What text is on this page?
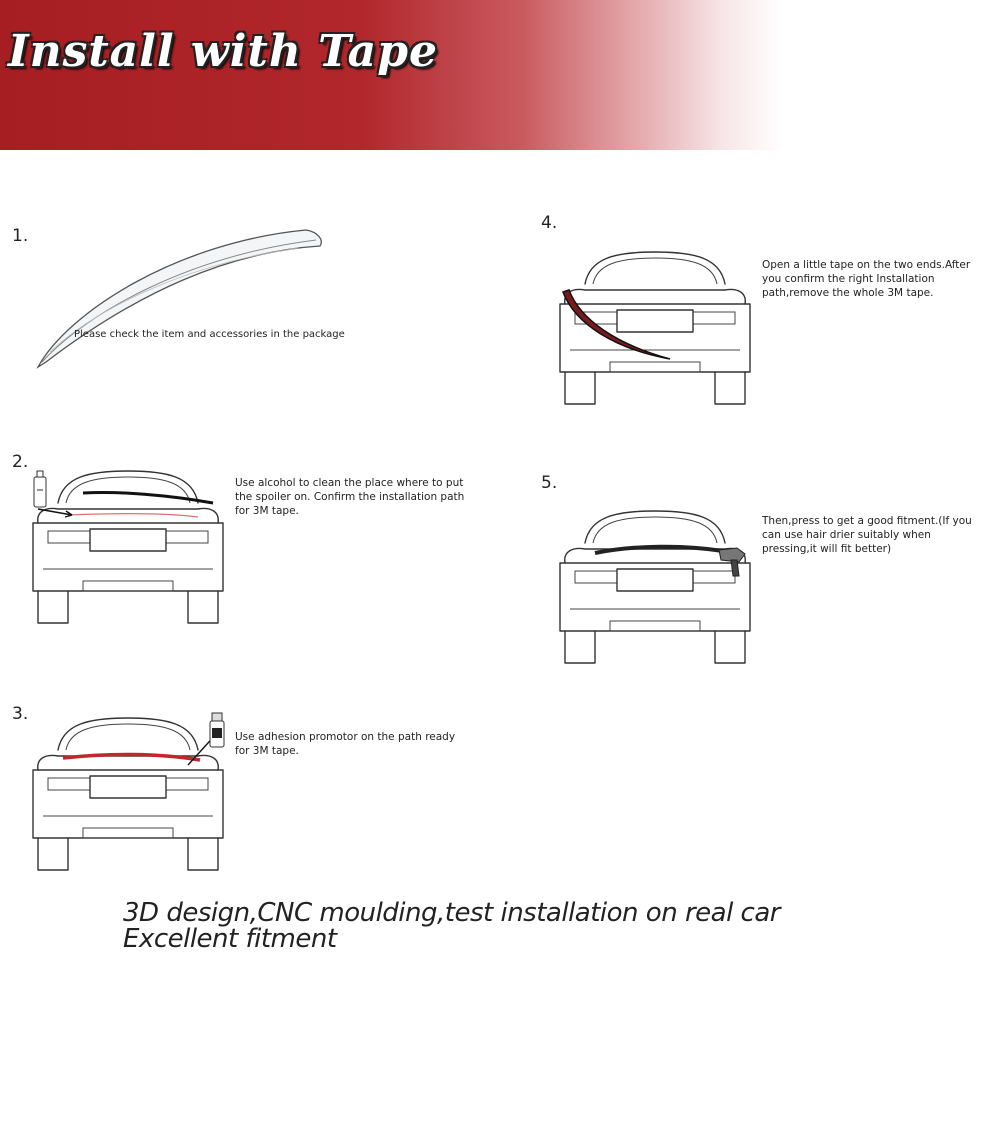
Install with Tape
1.

Please check the item and accessories in the package

2.

Use alcohol to clean the place where to put

the spoiler on. Confirm the installation path

for 3M tape.

3.

Use adhesion promotor on the path ready

for 3M tape.

4.

Open a little tape on the two ends.After

you confirm the right Installation

path,remove the whole 3M tape.

5.

Then,press to get a good fitment.(If you

can use hair drier suitably when

pressing,it will fit better)

3D design,CNC moulding,test installation on real car

Excellent fitment
